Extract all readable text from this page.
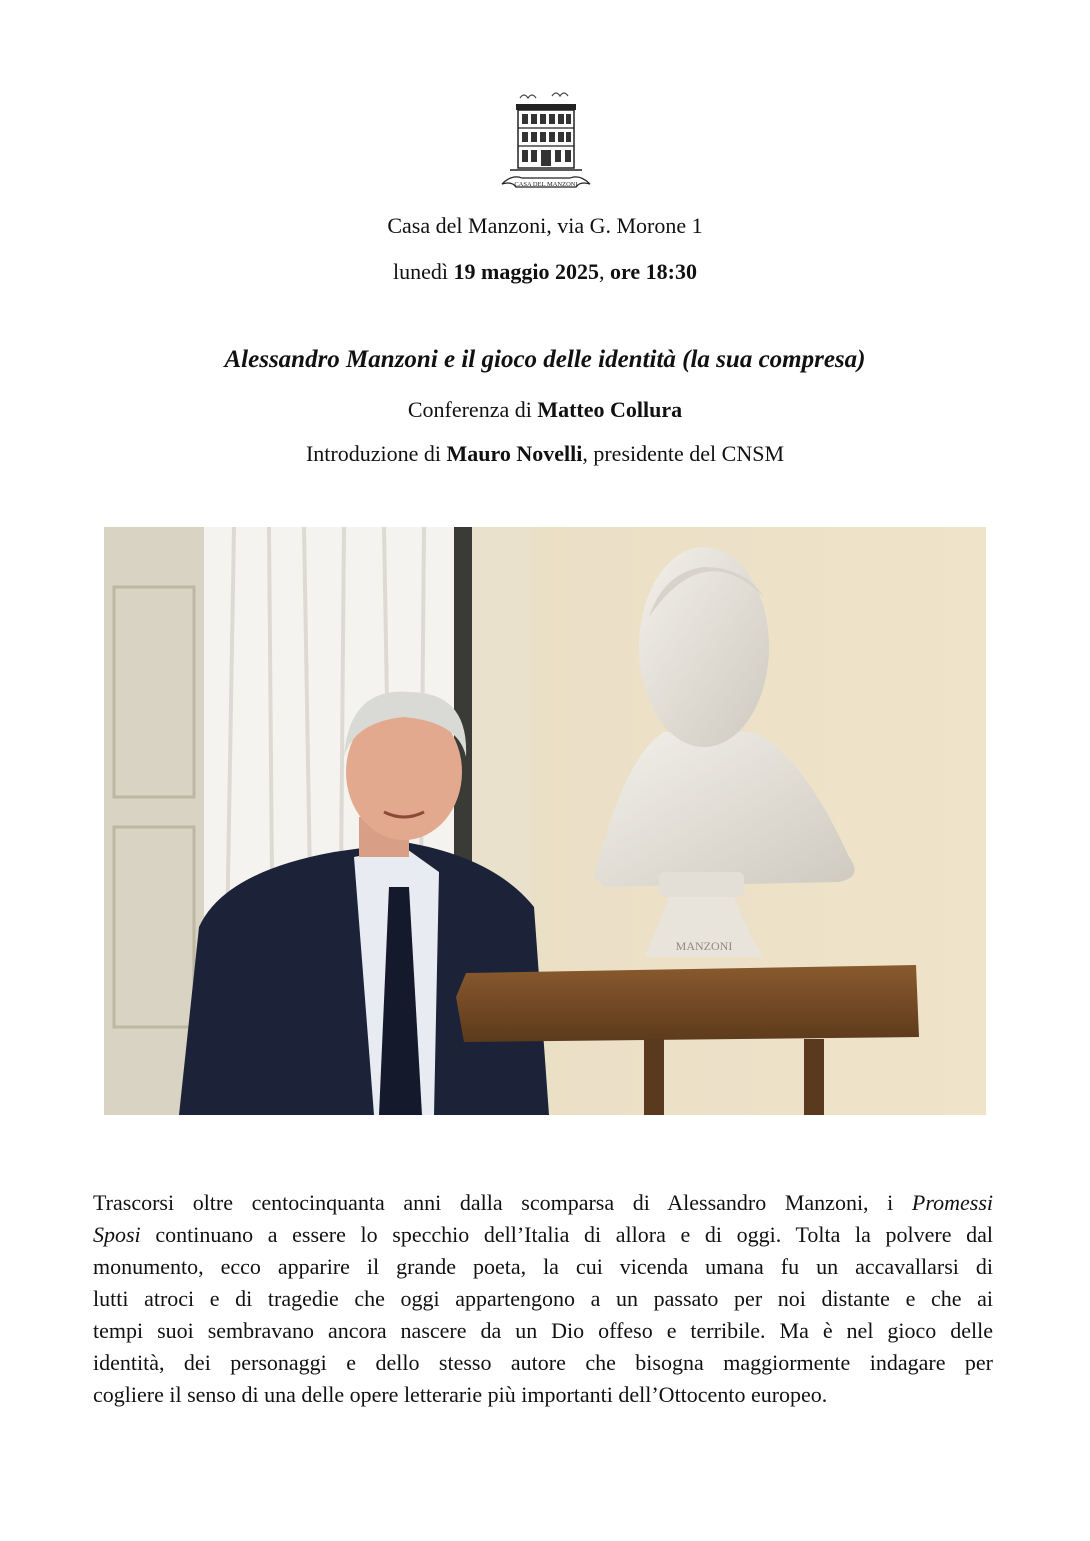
CASA DEL MANZONI
Casa del Manzoni, via G. Morone 1
lunedì 19 maggio 2025, ore 18:30
Alessandro Manzoni e il gioco delle identità (la sua compresa)
Conferenza di Matteo Collura
Introduzione di Mauro Novelli, presidente del CNSM
MANZONI
Trascorsi oltre centocinquanta anni dalla scomparsa di Alessandro Manzoni, i Promessi
Sposi continuano a essere lo specchio dell’Italia di allora e di oggi. Tolta la polvere dal
monumento, ecco apparire il grande poeta, la cui vicenda umana fu un accavallarsi di
lutti atroci e di tragedie che oggi appartengono a un passato per noi distante e che ai
tempi suoi sembravano ancora nascere da un Dio offeso e terribile. Ma è nel gioco delle
identità, dei personaggi e dello stesso autore che bisogna maggiormente indagare per
cogliere il senso di una delle opere letterarie più importanti dell’Ottocento europeo.
